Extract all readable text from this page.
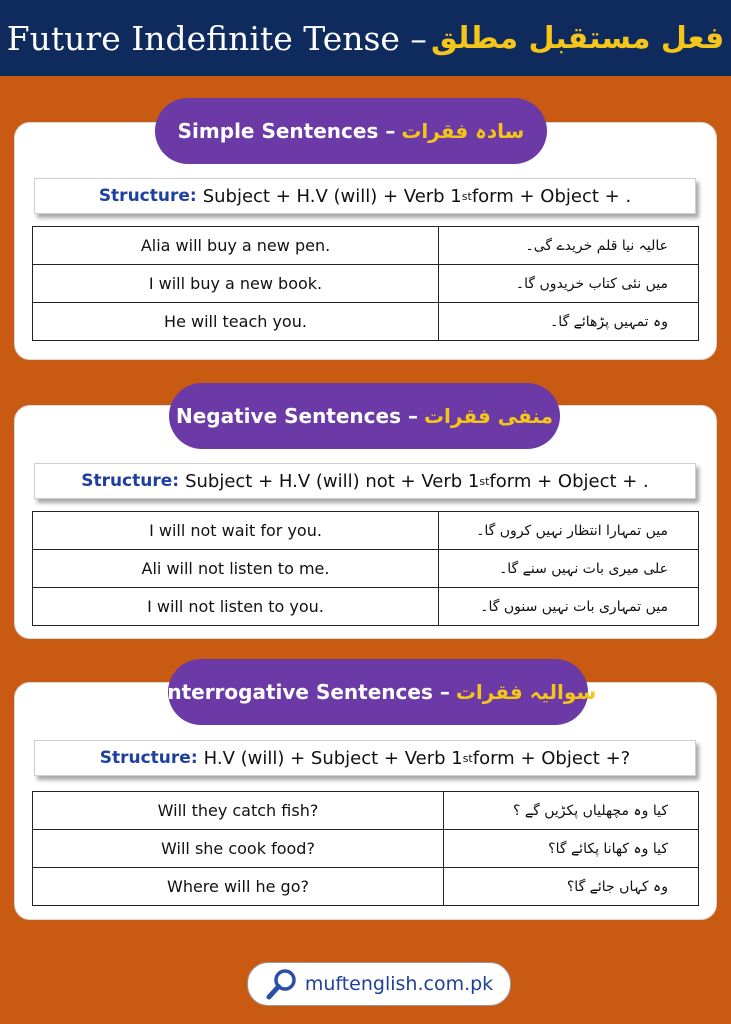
Future Indefinite Tense – فعل مستقبل مطلق
Simple Sentences – سادہ فقرات
Structure: Subject + H.V (will) + Verb 1 st form + Object + .
Alia will buy a new pen.	عالیہ نیا قلم خریدے گی۔
I will buy a new book.	میں نئی کتاب خریدوں گا۔
He will teach you.	وہ تمہیں پڑھائے گا۔
Negative Sentences – منفی فقرات
Structure: Subject + H.V (will) not + Verb 1 st form + Object + .
I will not wait for you.	میں تمہارا انتظار نہیں کروں گا۔
Ali will not listen to me.	علی میری بات نہیں سنے گا۔
I will not listen to you.	میں تمہاری بات نہیں سنوں گا۔
Interrogative Sentences – سوالیہ فقرات
Structure: H.V (will) + Subject + Verb 1 st form + Object +?
Will they catch fish?	کیا وہ مچھلیاں پکڑیں گے ؟
Will she cook food?	کیا وہ کھانا پکائے گا؟
Where will he go?	وہ کہاں جائے گا؟
muftenglish.com.pk
